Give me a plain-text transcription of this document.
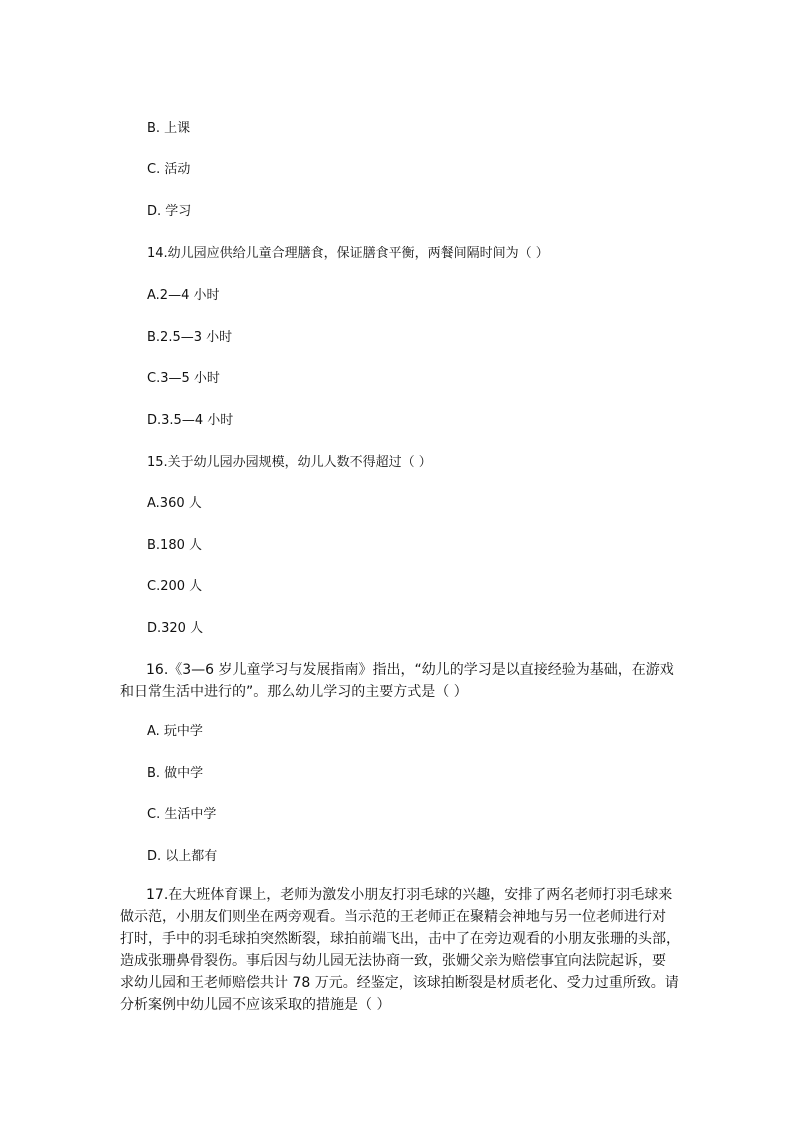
B. 上课
C. 活动
D. 学习
14.幼儿园应供给儿童合理膳食，保证膳食平衡，两餐间隔时间为（ ）
A.2—4 小时
B.2.5—3 小时
C.3—5 小时
D.3.5—4 小时
15.关于幼儿园办园规模，幼儿人数不得超过（ ）
A.360 人
B.180 人
C.200 人
D.320 人

16.《3—6 岁儿童学习与发展指南》指出，“幼儿的学习是以直接经验为基础，在游戏

和日常生活中进行的”。那么幼儿学习的主要方式是（ ）

A. 玩中学
B. 做中学
C. 生活中学
D. 以上都有

17.在大班体育课上，老师为激发小朋友打羽毛球的兴趣，安排了两名老师打羽毛球来

做示范，小朋友们则坐在两旁观看。当示范的王老师正在聚精会神地与另一位老师进行对

打时，手中的羽毛球拍突然断裂，球拍前端飞出，击中了在旁边观看的小朋友张珊的头部，

造成张珊鼻骨裂伤。事后因与幼儿园无法协商一致，张姗父亲为赔偿事宜向法院起诉，要

求幼儿园和王老师赔偿共计 78 万元。经鉴定，该球拍断裂是材质老化、受力过重所致。请

分析案例中幼儿园不应该采取的措施是（ ）
